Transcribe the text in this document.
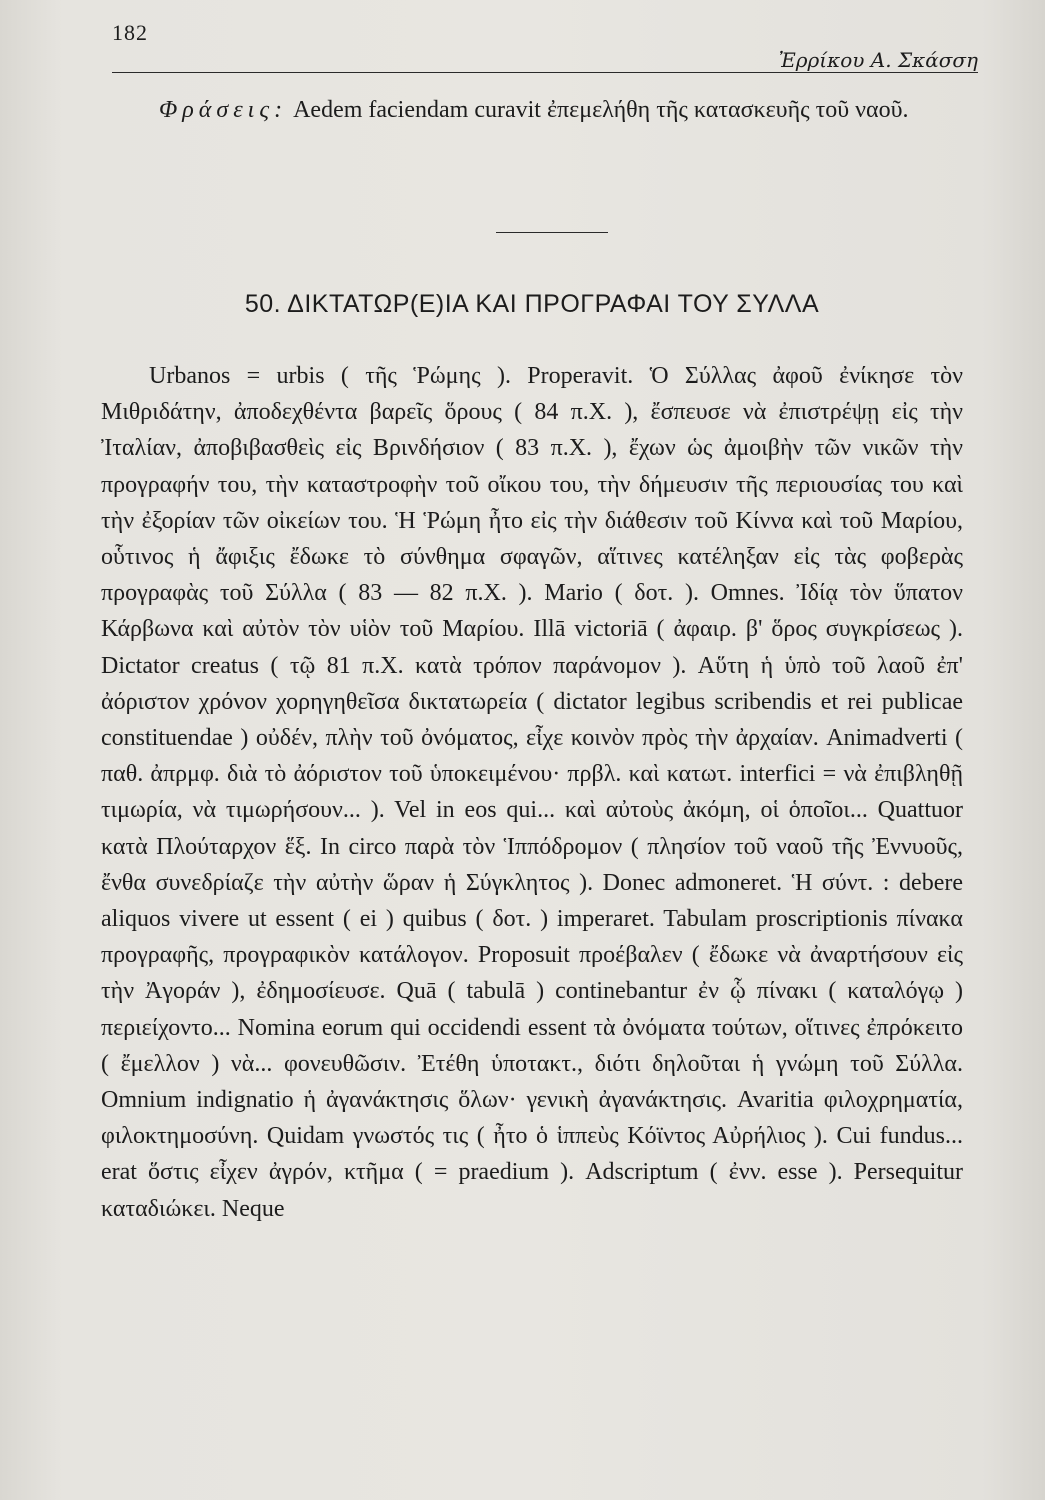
182
Ἐρρίκου Α. Σκάσση

Φράσεις: Aedem faciendam curavit ἐπεμελήθη τῆς κατασκευῆς τοῦ ναοῦ.

50. ΔΙΚΤΑΤΩΡ(Ε)ΙΑ ΚΑΙ ΠΡΟΓΡΑΦΑΙ ΤΟΥ ΣΥΛΛΑ

Urbanos = urbis ( τῆς Ῥώμης ). Properavit. Ὁ Σύλλας ἀφοῦ ἐνίκησε τὸν Μιθριδάτην, ἀποδεχθέντα βαρεῖς ὅρους ( 84 π.Χ. ), ἔσπευσε νὰ ἐπιστρέψῃ εἰς τὴν Ἰταλίαν, ἀποβιβασθεὶς εἰς Βρινδήσιον ( 83 π.Χ. ), ἔχων ὡς ἀμοιβὴν τῶν νικῶν τὴν προγραφήν του, τὴν καταστροφὴν τοῦ οἴκου του, τὴν δήμευσιν τῆς περιουσίας του καὶ τὴν ἐξορίαν τῶν οἰκείων του. Ἡ Ῥώμη ἦτο εἰς τὴν διάθεσιν τοῦ Κίννα καὶ τοῦ Μαρίου, οὗτινος ἡ ἄφιξις ἔδωκε τὸ σύνθημα σφαγῶν, αἵτινες κατέληξαν εἰς τὰς φοβερὰς προγραφὰς τοῦ Σύλλα ( 83 — 82 π.Χ. ). Mario ( δοτ. ). Omnes. Ἰδίᾳ τὸν ὕπατον Κάρβωνα καὶ αὐτὸν τὸν υἱὸν τοῦ Μαρίου. Illā victoriā ( ἀφαιρ. β' ὅρος συγκρίσεως ). Dictator creatus ( τῷ 81 π.Χ. κατὰ τρόπον παράνομον ). Αὕτη ἡ ὑπὸ τοῦ λαοῦ ἐπ' ἀόριστον χρόνον χορηγηθεῖσα δικτατωρεία ( dictator legibus scribendis et rei publicae constituendae ) οὐδέν, πλὴν τοῦ ὀνόματος, εἶχε κοινὸν πρὸς τὴν ἀρχαίαν. Animadverti ( παθ. ἀπρμφ. διὰ τὸ ἀόριστον τοῦ ὑποκειμένου· πρβλ. καὶ κατωτ. interfici = νὰ ἐπιβληθῇ τιμωρία, νὰ τιμωρήσουν... ). Vel in eos qui... καὶ αὐτοὺς ἀκόμη, οἱ ὁποῖοι... Quattuor κατὰ Πλούταρχον ἕξ. In circo παρὰ τὸν Ἱππόδρομον ( πλησίον τοῦ ναοῦ τῆς Ἐννυοῦς, ἔνθα συνεδρίαζε τὴν αὐτὴν ὥραν ἡ Σύγκλητος ). Donec admoneret. Ἡ σύντ. : debere aliquos vivere ut essent ( ei ) quibus ( δοτ. ) imperaret. Tabulam proscriptionis πίνακα προγραφῆς, προγραφικὸν κατάλογον. Proposuit προέβαλεν ( ἔδωκε νὰ ἀναρτήσουν εἰς τὴν Ἀγοράν ), ἐδημοσίευσε. Quā ( tabulā ) continebantur ἐν ᾧ πίνακι ( καταλόγῳ ) περιείχοντο... Nomina eorum qui occidendi essent τὰ ὀνόματα τούτων, οἵτινες ἐπρόκειτο ( ἔμελλον ) νὰ... φονευθῶσιν. Ἐτέθη ὑποτακτ., διότι δηλοῦται ἡ γνώμη τοῦ Σύλλα. Omnium indignatio ἡ ἀγανάκτησις ὅλων· γενικὴ ἀγανάκτησις. Avaritia φιλοχρηματία, φιλοκτημοσύνη. Quidam γνωστός τις ( ἦτο ὁ ἱππεὺς Κόϊντος Αὐρήλιος ). Cui fundus... erat ὅστις εἶχεν ἀγρόν, κτῆμα ( = praedium ). Adscriptum ( ἐνν. esse ). Persequitur καταδιώκει. Neque
